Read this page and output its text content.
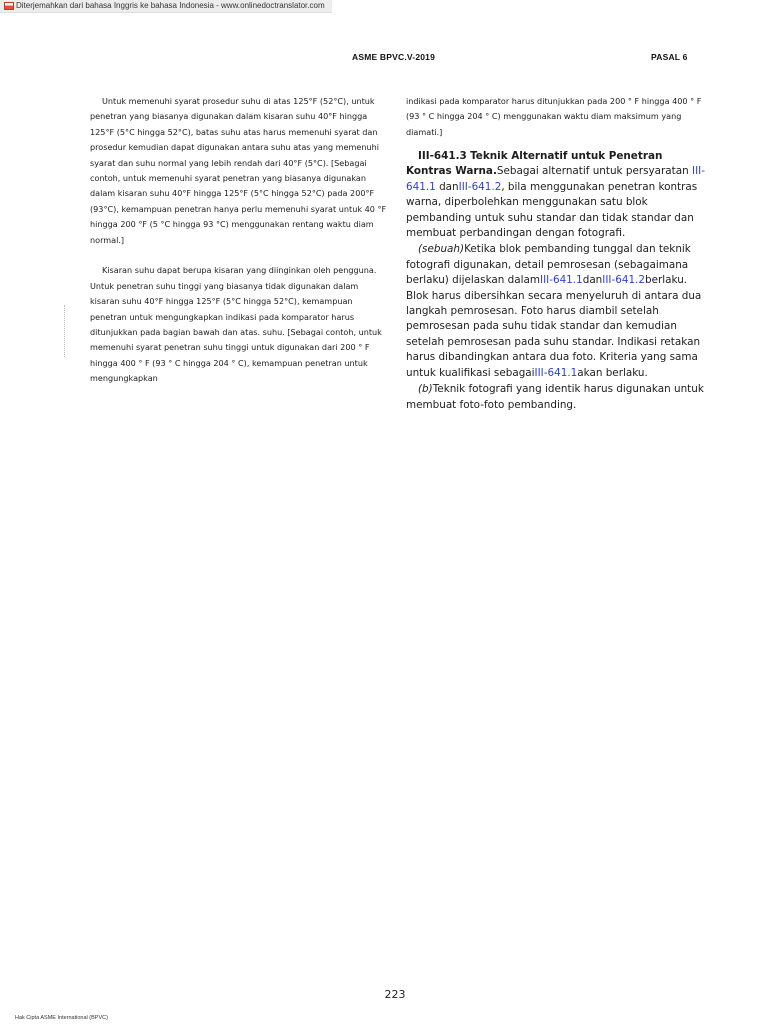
Diterjemahkan dari bahasa Inggris ke bahasa Indonesia - www.onlinedoctranslator.com
ASME BPVC.V-2019	PASAL 6

Untuk memenuhi syarat prosedur suhu di atas 125°F (52°C), untuk penetran yang biasanya digunakan dalam kisaran suhu 40°F hingga 125°F (5°C hingga 52°C), batas suhu atas harus memenuhi syarat dan prosedur kemudian dapat digunakan antara suhu atas yang memenuhi syarat dan suhu normal yang lebih rendah dari 40°F (5°C). [Sebagai contoh, untuk memenuhi syarat penetran yang biasanya digunakan dalam kisaran suhu 40°F hingga 125°F (5°C hingga 52°C) pada 200°F (93°C), kemampuan penetran hanya perlu memenuhi syarat untuk 40 °F hingga 200 °F (5 °C hingga 93 °C) menggunakan rentang waktu diam normal.]

Kisaran suhu dapat berupa kisaran yang diinginkan oleh pengguna. Untuk penetran suhu tinggi yang biasanya tidak digunakan dalam kisaran suhu 40°F hingga 125°F (5°C hingga 52°C), kemampuan penetran untuk mengungkapkan indikasi pada komparator harus ditunjukkan pada bagian bawah dan atas. suhu. [Sebagai contoh, untuk memenuhi syarat penetran suhu tinggi untuk digunakan dari 200 ° F hingga 400 ° F (93 ° C hingga 204 ° C), kemampuan penetran untuk mengungkapkan

indikasi pada komparator harus ditunjukkan pada 200 ° F hingga 400 ° F (93 ° C hingga 204 ° C) menggunakan waktu diam maksimum yang diamati.]

III-641.3 Teknik Alternatif untuk Penetran Kontras Warna.Sebagai alternatif untuk persyaratan III-641.1 danIII-641.2, bila menggunakan penetran kontras warna, diperbolehkan menggunakan satu blok pembanding untuk suhu standar dan tidak standar dan membuat perbandingan dengan fotografi.

(sebuah)Ketika blok pembanding tunggal dan teknik fotografi digunakan, detail pemrosesan (sebagaimana berlaku) dijelaskan dalamIII-641.1danIII-641.2berlaku. Blok harus dibersihkan secara menyeluruh di antara dua langkah pemrosesan. Foto harus diambil setelah pemrosesan pada suhu tidak standar dan kemudian setelah pemrosesan pada suhu standar. Indikasi retakan harus dibandingkan antara dua foto. Kriteria yang sama untuk kualifikasi sebagaiIII-641.1akan berlaku.

(b)Teknik fotografi yang identik harus digunakan untuk membuat foto-foto pembanding.

223
Hak Cipta ASME International (BPVC)
